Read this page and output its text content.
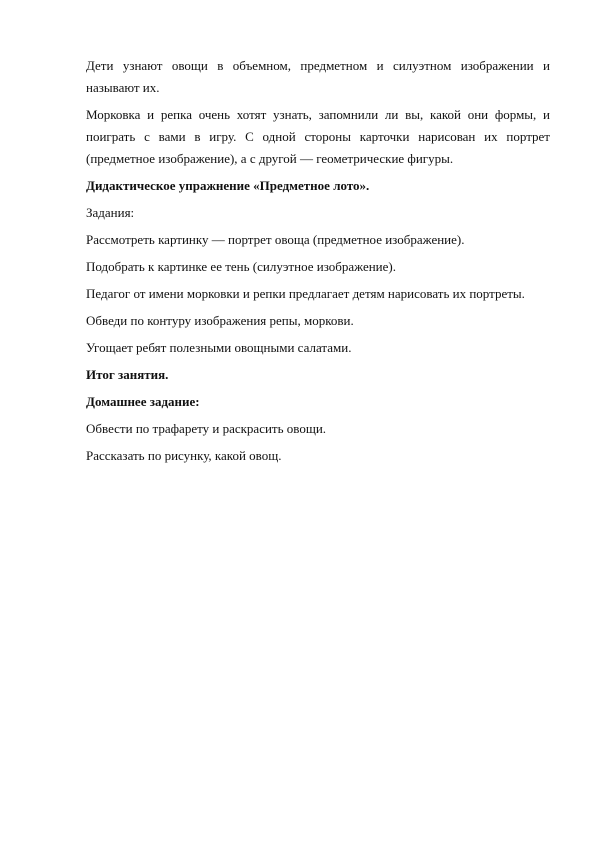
Дети узнают овощи в объемном, предметном и силуэтном изображении и называют их.

Морковка и репка очень хотят узнать, запомнили ли вы, какой они формы, и поиграть с вами в игру. С одной стороны карточки нарисован их портрет (предметное изображение), а с другой — геометрические фигуры.

Дидактическое упражнение «Предметное лото».

Задания:

Рассмотреть картинку — портрет овоща (предметное изображение).

Подобрать к картинке ее тень (силуэтное изображение).

Педагог от имени морковки и репки предлагает детям нарисовать их портреты.

Обведи по контуру изображения репы, моркови.

Угощает ребят полезными овощными салатами.

Итог занятия.

Домашнее задание:

Обвести по трафарету и раскрасить овощи.

Рассказать по рисунку, какой овощ.
